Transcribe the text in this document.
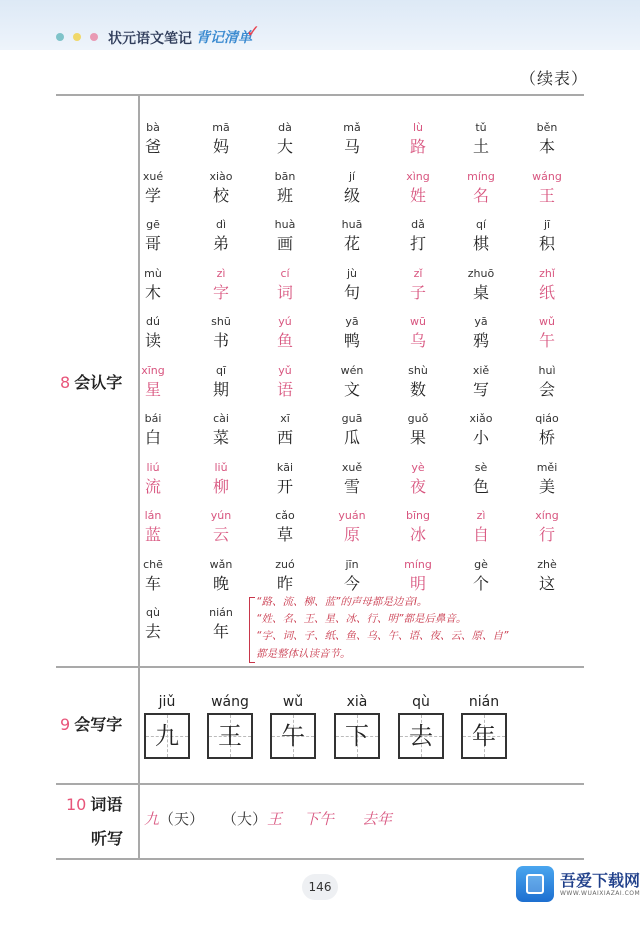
状元语文笔记 背记清单
✓
（续表）
8 会认字
bà
爸
mā
妈
dà
大
mǎ
马
lù
路
tǔ
土
běn
本
xué
学
xiào
校
bān
班
jí
级
xìng
姓
míng
名
wáng
王
gē
哥
dì
弟
huà
画
huā
花
dǎ
打
qí
棋
jī
积
mù
木
zì
字
cí
词
jù
句
zǐ
子
zhuō
桌
zhǐ
纸
dú
读
shū
书
yú
鱼
yā
鸭
wū
乌
yā
鸦
wǔ
午
xīng
星
qī
期
yǔ
语
wén
文
shù
数
xiě
写
huì
会
bái
白
cài
菜
xī
西
guā
瓜
guǒ
果
xiǎo
小
qiáo
桥
liú
流
liǔ
柳
kāi
开
xuě
雪
yè
夜
sè
色
měi
美
lán
蓝
yún
云
cǎo
草
yuán
原
bīng
冰
zì
自
xíng
行
chē
车
wǎn
晚
zuó
昨
jīn
今
míng
明
gè
个
zhè
这
qù
去
nián
年
“路、流、柳、蓝”的声母都是边音l。
“姓、名、王、星、冰、行、明”都是后鼻音。
“字、词、子、纸、鱼、乌、午、语、夜、云、原、自”
都是整体认读音节。
9 会写字
jiǔ
九
wáng
王
wǔ
午
xià
下
qù
去
nián
年
10 词语
听写
九（天） （大）王 下午 去年
146	吾爱下载网
WWW.WUAIXIAZAI.COM
